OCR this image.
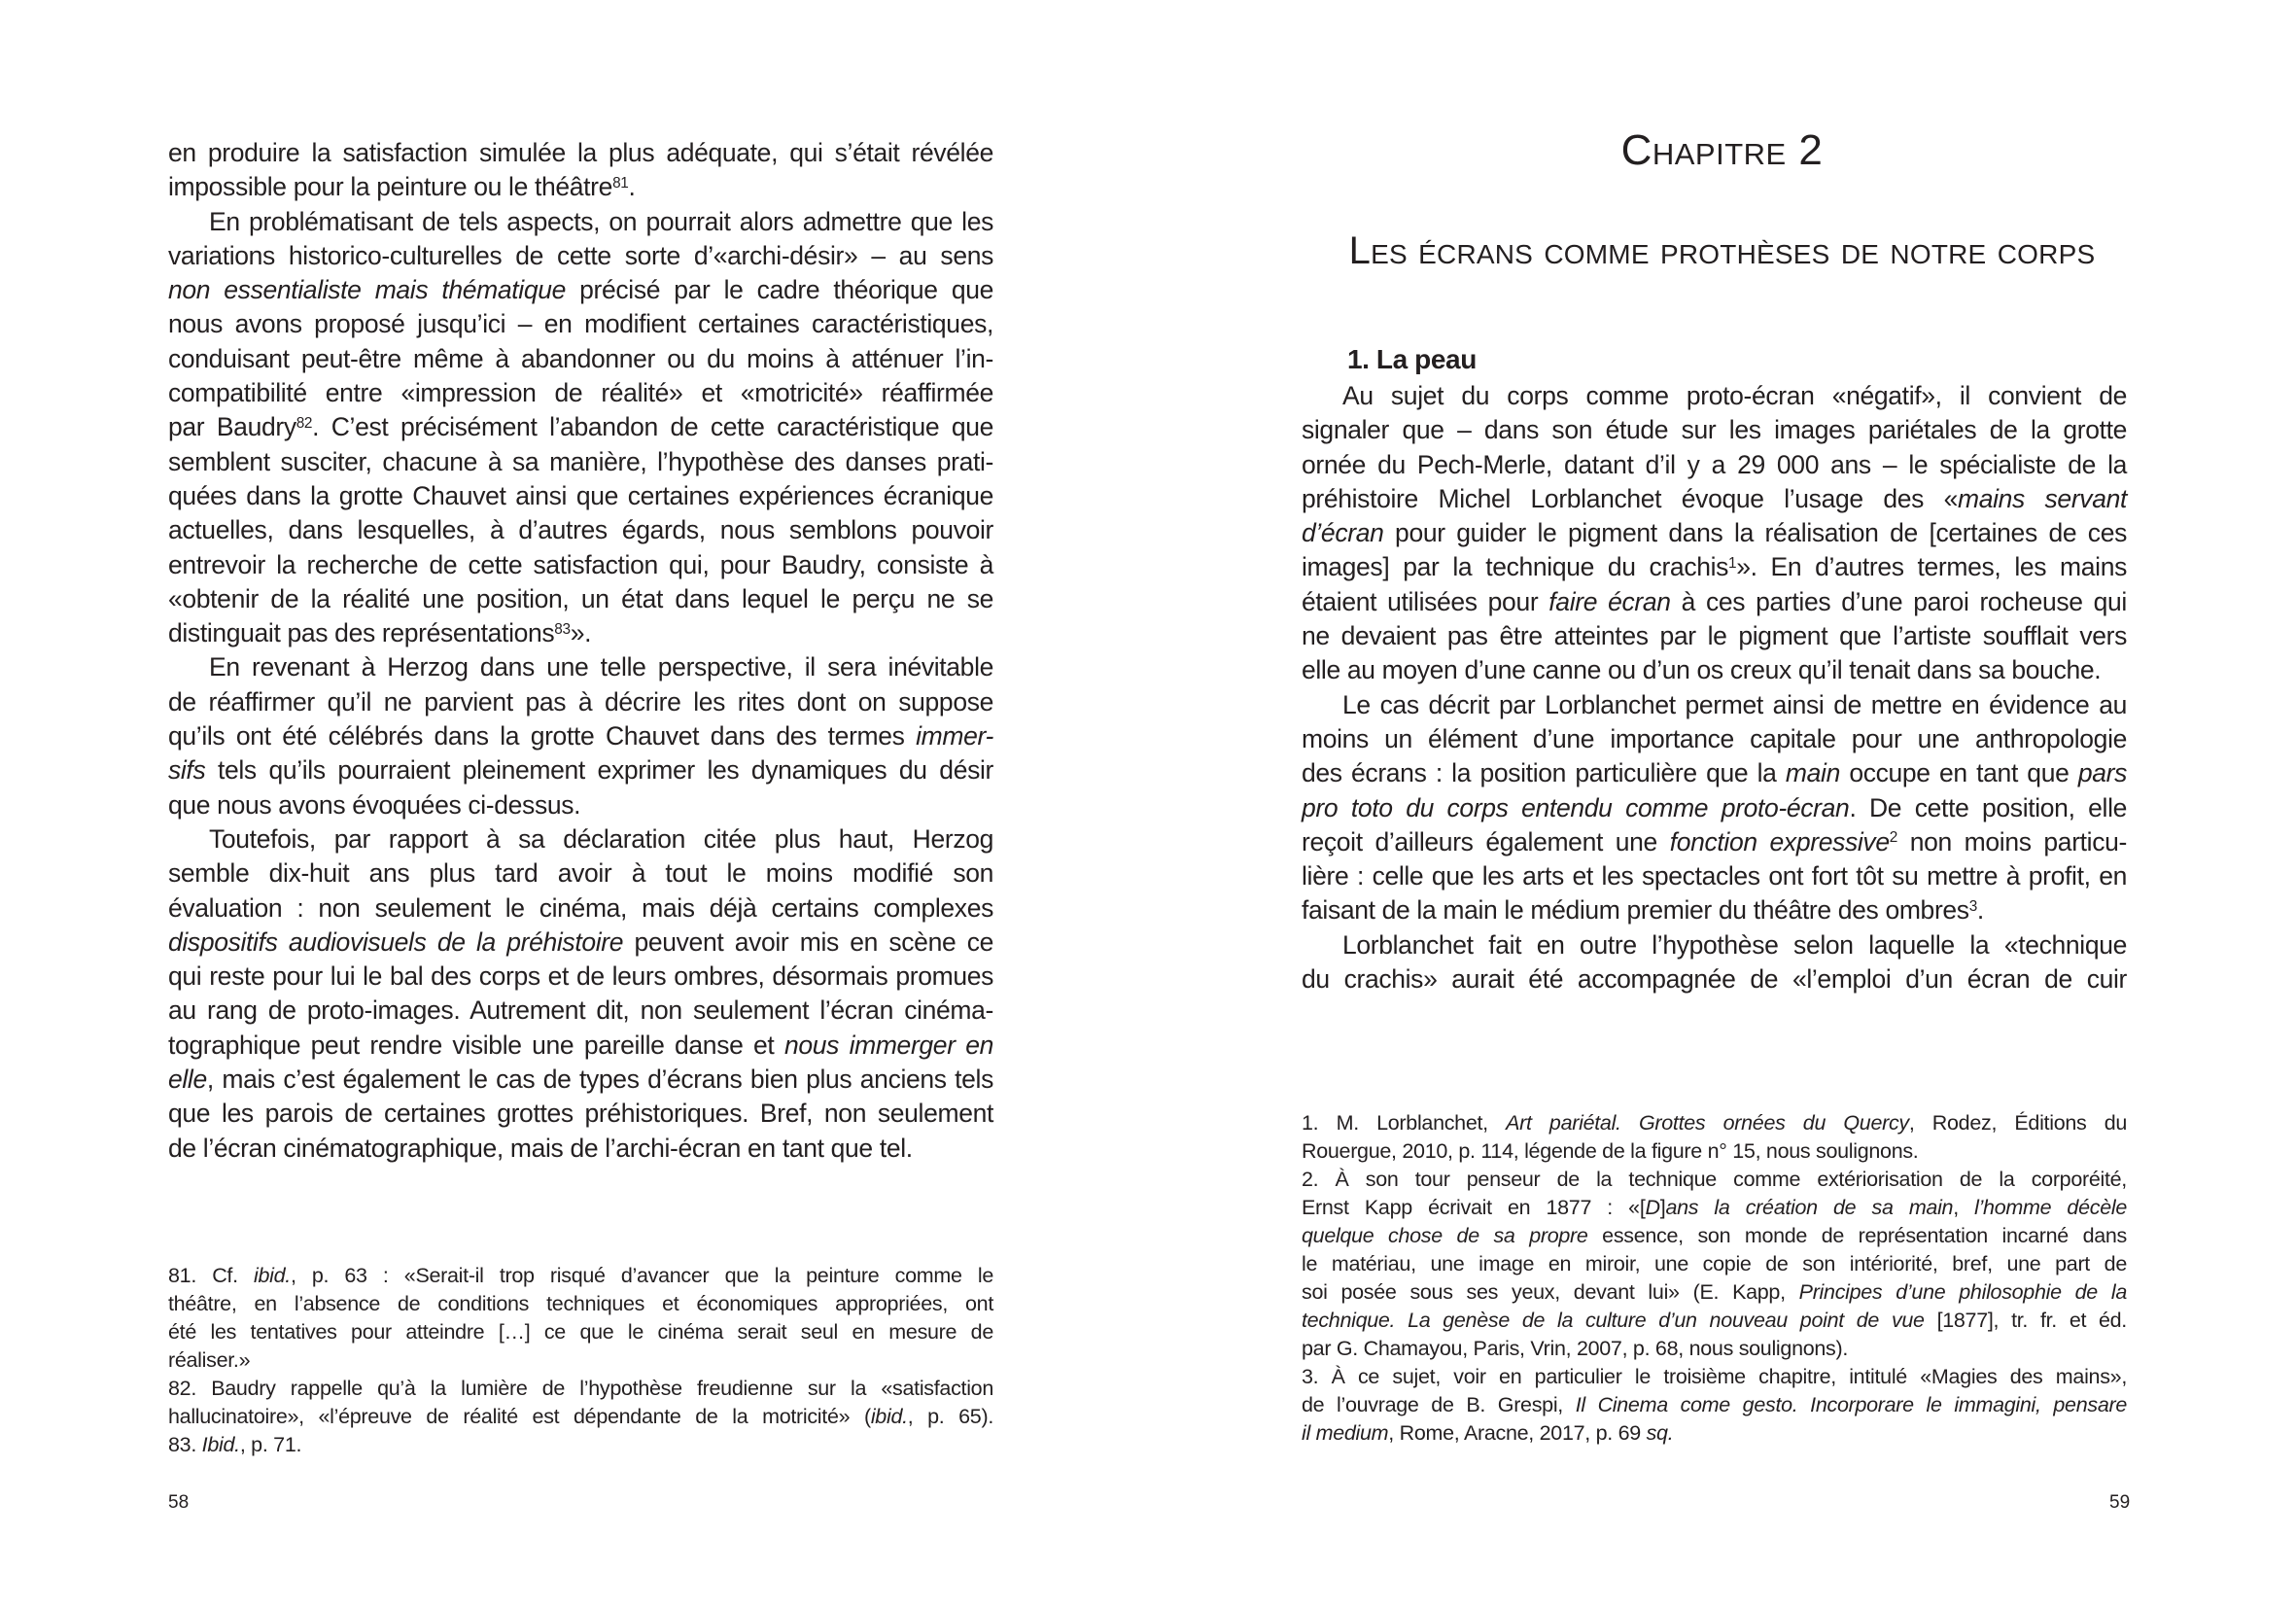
en produire la satisfaction simulée la plus adéquate, qui s’était révélée
impossible pour la peinture ou le théâtre$^{81}$.
En problématisant de tels aspects, on pourrait alors admettre que les
variations historico-culturelles de cette sorte d’«archi-désir» – au sens
non essentialiste mais thématique précisé par le cadre théorique que
nous avons proposé jusqu’ici – en modifient certaines caractéristiques,
conduisant peut-être même à abandonner ou du moins à atténuer l’in-
compatibilité entre «impression de réalité» et «motricité» réaffirmée
par Baudry$^{82}$. C’est précisément l’abandon de cette caractéristique que
semblent susciter, chacune à sa manière, l’hypothèse des danses prati-
quées dans la grotte Chauvet ainsi que certaines expériences écranique
actuelles, dans lesquelles, à d’autres égards, nous semblons pouvoir
entrevoir la recherche de cette satisfaction qui, pour Baudry, consiste à
«obtenir de la réalité une position, un état dans lequel le perçu ne se
distinguait pas des représentations$^{83}$».
En revenant à Herzog dans une telle perspective, il sera inévitable
de réaffirmer qu’il ne parvient pas à décrire les rites dont on suppose
qu’ils ont été célébrés dans la grotte Chauvet dans des termes immer-
sifs tels qu’ils pourraient pleinement exprimer les dynamiques du désir
que nous avons évoquées ci-dessus.
Toutefois, par rapport à sa déclaration citée plus haut, Herzog
semble dix-huit ans plus tard avoir à tout le moins modifié son
évaluation : non seulement le cinéma, mais déjà certains complexes
dispositifs audiovisuels de la préhistoire peuvent avoir mis en scène ce
qui reste pour lui le bal des corps et de leurs ombres, désormais promues
au rang de proto-images. Autrement dit, non seulement l’écran cinéma-
tographique peut rendre visible une pareille danse et nous immerger en
elle, mais c’est également le cas de types d’écrans bien plus anciens tels
que les parois de certaines grottes préhistoriques. Bref, non seulement
de l’écran cinématographique, mais de l’archi-écran en tant que tel.
81. Cf. ibid., p. 63 : «Serait-il trop risqué d’avancer que la peinture comme le
théâtre, en l’absence de conditions techniques et économiques appropriées, ont
été les tentatives pour atteindre […] ce que le cinéma serait seul en mesure de
réaliser.»
82. Baudry rappelle qu’à la lumière de l’hypothèse freudienne sur la «satisfaction
hallucinatoire», «l’épreuve de réalité est dépendante de la motricité» (ibid., p. 65).
83. Ibid., p. 71.
58
Chapitre 2
Les écrans comme prothèses de notre corps
1. La peau
Au sujet du corps comme proto-écran «négatif», il convient de
signaler que – dans son étude sur les images pariétales de la grotte
ornée du Pech-Merle, datant d’il y a 29 000 ans – le spécialiste de la
préhistoire Michel Lorblanchet évoque l’usage des «mains servant
d’écran pour guider le pigment dans la réalisation de [certaines de ces
images] par la technique du crachis$^1$». En d’autres termes, les mains
étaient utilisées pour faire écran à ces parties d’une paroi rocheuse qui
ne devaient pas être atteintes par le pigment que l’artiste soufflait vers
elle au moyen d’une canne ou d’un os creux qu’il tenait dans sa bouche.
Le cas décrit par Lorblanchet permet ainsi de mettre en évidence au
moins un élément d’une importance capitale pour une anthropologie
des écrans : la position particulière que la main occupe en tant que pars
pro toto du corps entendu comme proto-écran. De cette position, elle
reçoit d’ailleurs également une fonction expressive$^2$ non moins particu-
lière : celle que les arts et les spectacles ont fort tôt su mettre à profit, en
faisant de la main le médium premier du théâtre des ombres$^3$.
Lorblanchet fait en outre l’hypothèse selon laquelle la «technique
du crachis» aurait été accompagnée de «l’emploi d’un écran de cuir
1. M. Lorblanchet, Art pariétal. Grottes ornées du Quercy, Rodez, Éditions du
Rouergue, 2010, p. 114, légende de la figure n° 15, nous soulignons.
2. À son tour penseur de la technique comme extériorisation de la corporéité,
Ernst Kapp écrivait en 1877 : «[D]ans la création de sa main, l’homme décèle
quelque chose de sa propre essence, son monde de représentation incarné dans
le matériau, une image en miroir, une copie de son intériorité, bref, une part de
soi posée sous ses yeux, devant lui» (E. Kapp, Principes d’une philosophie de la
technique. La genèse de la culture d’un nouveau point de vue [1877], tr. fr. et éd.
par G. Chamayou, Paris, Vrin, 2007, p. 68, nous soulignons).
3. À ce sujet, voir en particulier le troisième chapitre, intitulé «Magies des mains»,
de l’ouvrage de B. Grespi, Il Cinema come gesto. Incorporare le immagini, pensare
il medium, Rome, Aracne, 2017, p. 69 sq.
59
